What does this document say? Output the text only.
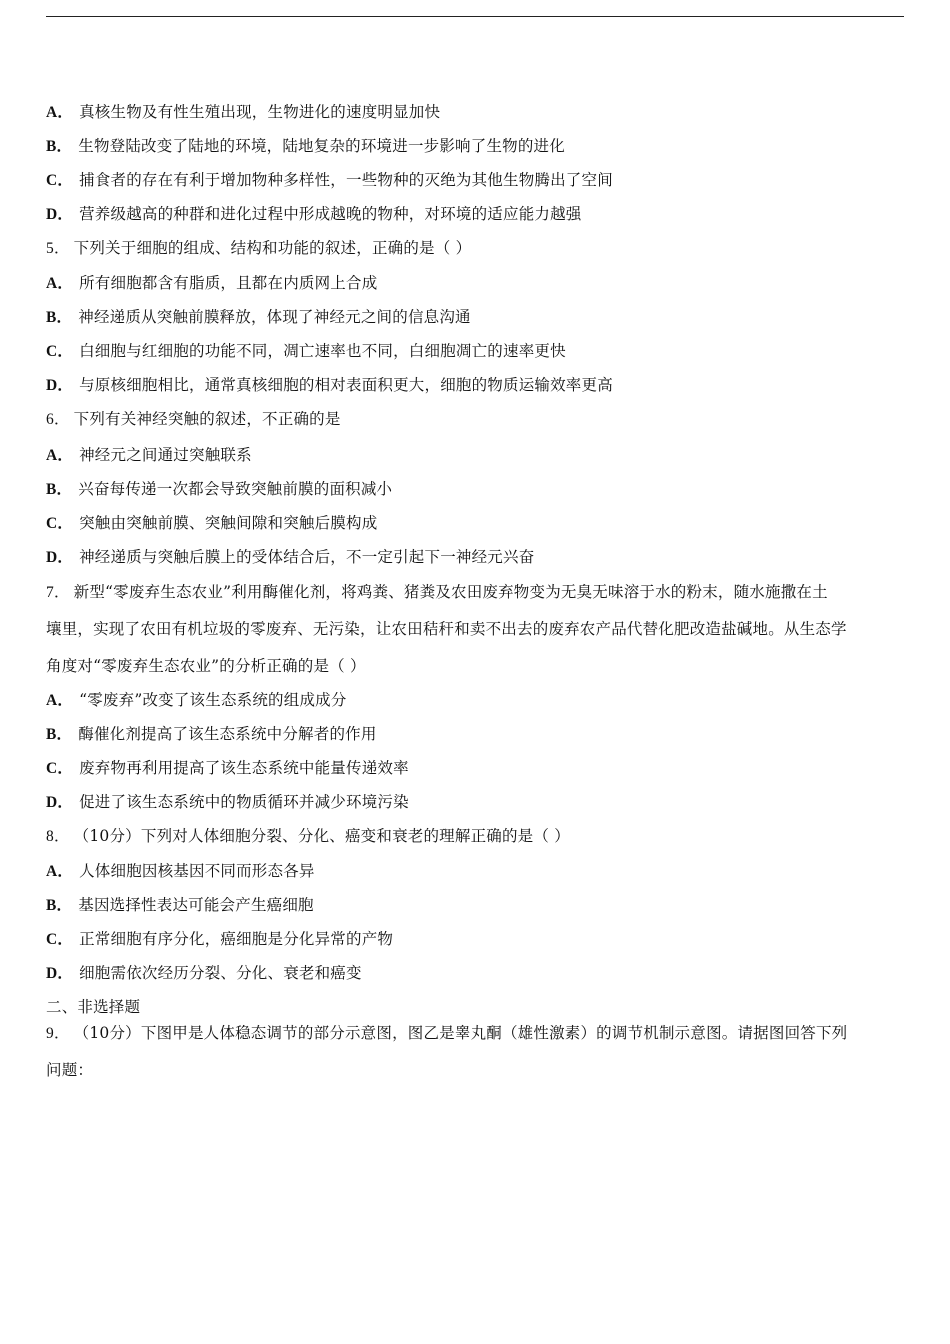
A． 真核生物及有性生殖出现，生物进化的速度明显加快
B． 生物登陆改变了陆地的环境，陆地复杂的环境进一步影响了生物的进化
C． 捕食者的存在有利于增加物种多样性，一些物种的灭绝为其他生物腾出了空间
D． 营养级越高的种群和进化过程中形成越晚的物种，对环境的适应能力越强
5． 下列关于细胞的组成、结构和功能的叙述，正确的是（ ）
A． 所有细胞都含有脂质，且都在内质网上合成
B． 神经递质从突触前膜释放，体现了神经元之间的信息沟通
C． 白细胞与红细胞的功能不同，凋亡速率也不同，白细胞凋亡的速率更快
D． 与原核细胞相比，通常真核细胞的相对表面积更大，细胞的物质运输效率更高
6． 下列有关神经突触的叙述，不正确的是
A． 神经元之间通过突触联系
B． 兴奋每传递一次都会导致突触前膜的面积减小
C． 突触由突触前膜、突触间隙和突触后膜构成
D． 神经递质与突触后膜上的受体结合后，不一定引起下一神经元兴奋
7． 新型“零废弃生态农业”利用酶催化剂，将鸡粪、猪粪及农田废弃物变为无臭无味溶于水的粉末，随水施撒在土
壤里，实现了农田有机垃圾的零废弃、无污染，让农田秸秆和卖不出去的废弃农产品代替化肥改造盐碱地。从生态学
角度对“零废弃生态农业”的分析正确的是（ ）
A． “零废弃”改变了该生态系统的组成成分
B． 酶催化剂提高了该生态系统中分解者的作用
C． 废弃物再利用提高了该生态系统中能量传递效率
D． 促进了该生态系统中的物质循环并减少环境污染
8． （10分）下列对人体细胞分裂、分化、癌变和衰老的理解正确的是（ ）
A． 人体细胞因核基因不同而形态各异
B． 基因选择性表达可能会产生癌细胞
C． 正常细胞有序分化，癌细胞是分化异常的产物
D． 细胞需依次经历分裂、分化、衰老和癌变
二、非选择题
9． （10分）下图甲是人体稳态调节的部分示意图，图乙是睾丸酮（雄性激素）的调节机制示意图。请据图回答下列
问题：
